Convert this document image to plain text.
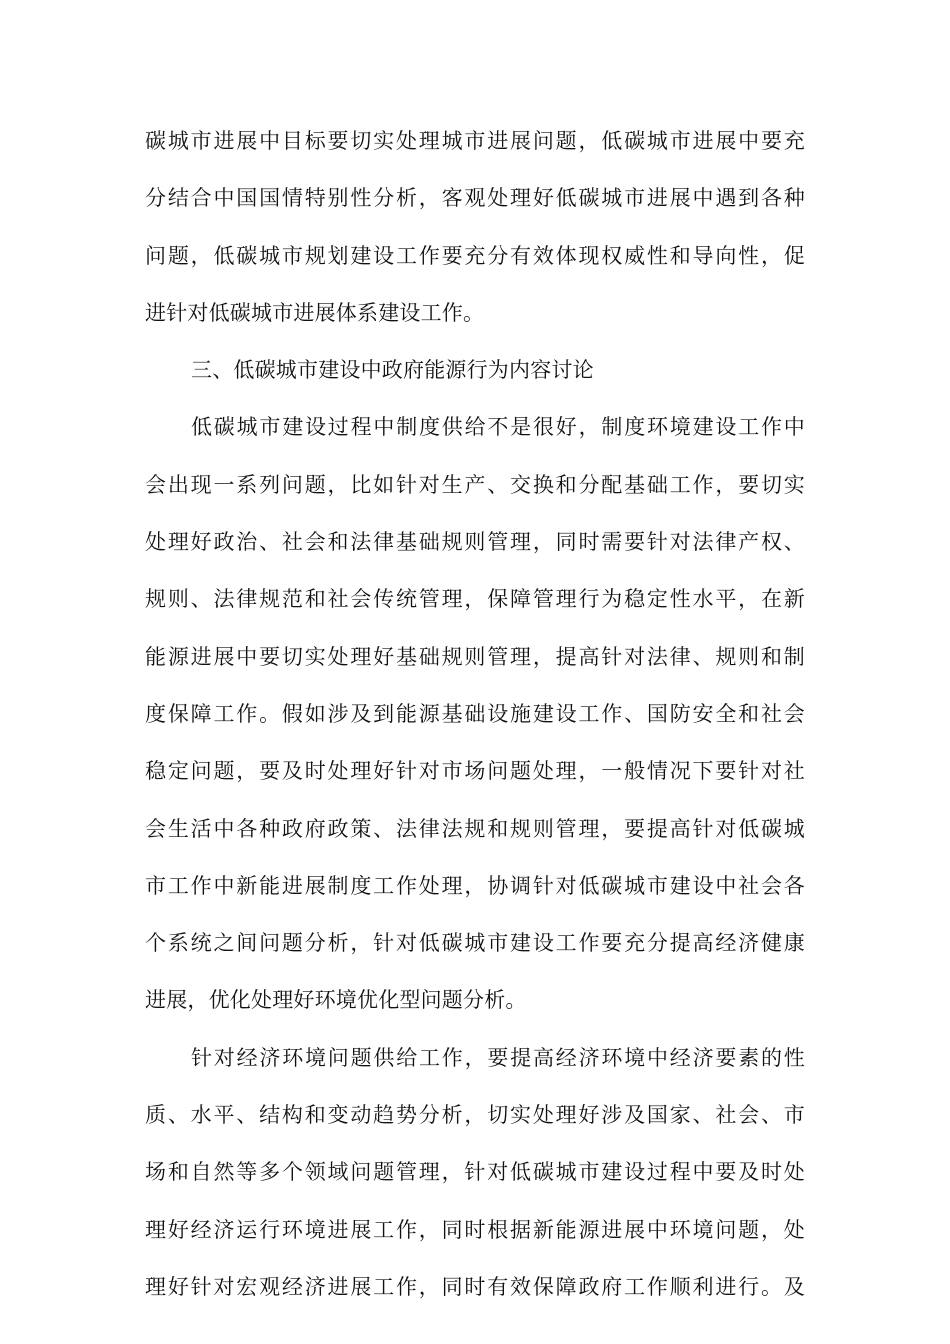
碳城市进展中目标要切实处理城市进展问题，低碳城市进展中要充
分结合中国国情特别性分析，客观处理好低碳城市进展中遇到各种
问题，低碳城市规划建设工作要充分有效体现权威性和导向性，促
进针对低碳城市进展体系建设工作。
三、低碳城市建设中政府能源行为内容讨论
低碳城市建设过程中制度供给不是很好，制度环境建设工作中
会出现一系列问题，比如针对生产、交换和分配基础工作，要切实
处理好政治、社会和法律基础规则管理，同时需要针对法律产权、
规则、法律规范和社会传统管理，保障管理行为稳定性水平，在新
能源进展中要切实处理好基础规则管理，提高针对法律、规则和制
度保障工作。假如涉及到能源基础设施建设工作、国防安全和社会
稳定问题，要及时处理好针对市场问题处理，一般情况下要针对社
会生活中各种政府政策、法律法规和规则管理，要提高针对低碳城
市工作中新能进展制度工作处理，协调针对低碳城市建设中社会各
个系统之间问题分析，针对低碳城市建设工作要充分提高经济健康
进展，优化处理好环境优化型问题分析。
针对经济环境问题供给工作，要提高经济环境中经济要素的性
质、水平、结构和变动趋势分析，切实处理好涉及国家、社会、市
场和自然等多个领域问题管理，针对低碳城市建设过程中要及时处
理好经济运行环境进展工作，同时根据新能源进展中环境问题，处
理好针对宏观经济进展工作，同时有效保障政府工作顺利进行。及
